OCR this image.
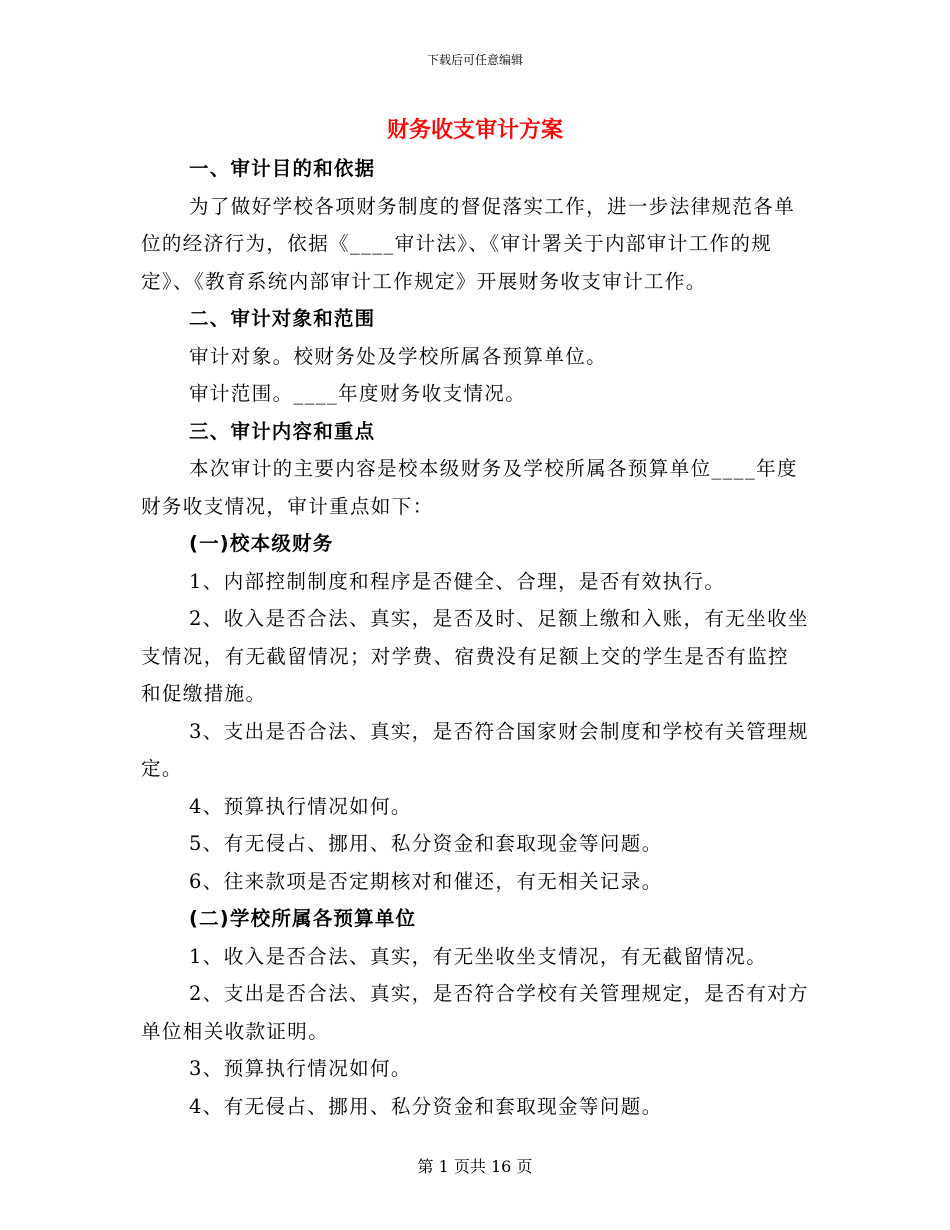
下载后可任意编辑
财务收支审计方案

一、审计目的和依据

为了做好学校各项财务制度的督促落实工作，进一步法律规范各单位的经济行为，依据《____审计法》、《审计署关于内部审计工作的规定》、《教育系统内部审计工作规定》开展财务收支审计工作。

二、审计对象和范围

审计对象。校财务处及学校所属各预算单位。

审计范围。____年度财务收支情况。

三、审计内容和重点

本次审计的主要内容是校本级财务及学校所属各预算单位____年度财务收支情况，审计重点如下：

(一)校本级财务

1、内部控制制度和程序是否健全、合理，是否有效执行。

2、收入是否合法、真实，是否及时、足额上缴和入账，有无坐收坐支情况，有无截留情况；对学费、宿费没有足额上交的学生是否有监控和促缴措施。

3、支出是否合法、真实，是否符合国家财会制度和学校有关管理规定。

4、预算执行情况如何。

5、有无侵占、挪用、私分资金和套取现金等问题。

6、往来款项是否定期核对和催还，有无相关记录。

(二)学校所属各预算单位

1、收入是否合法、真实，有无坐收坐支情况，有无截留情况。

2、支出是否合法、真实，是否符合学校有关管理规定，是否有对方单位相关收款证明。

3、预算执行情况如何。

4、有无侵占、挪用、私分资金和套取现金等问题。

第 1 页共 16 页
